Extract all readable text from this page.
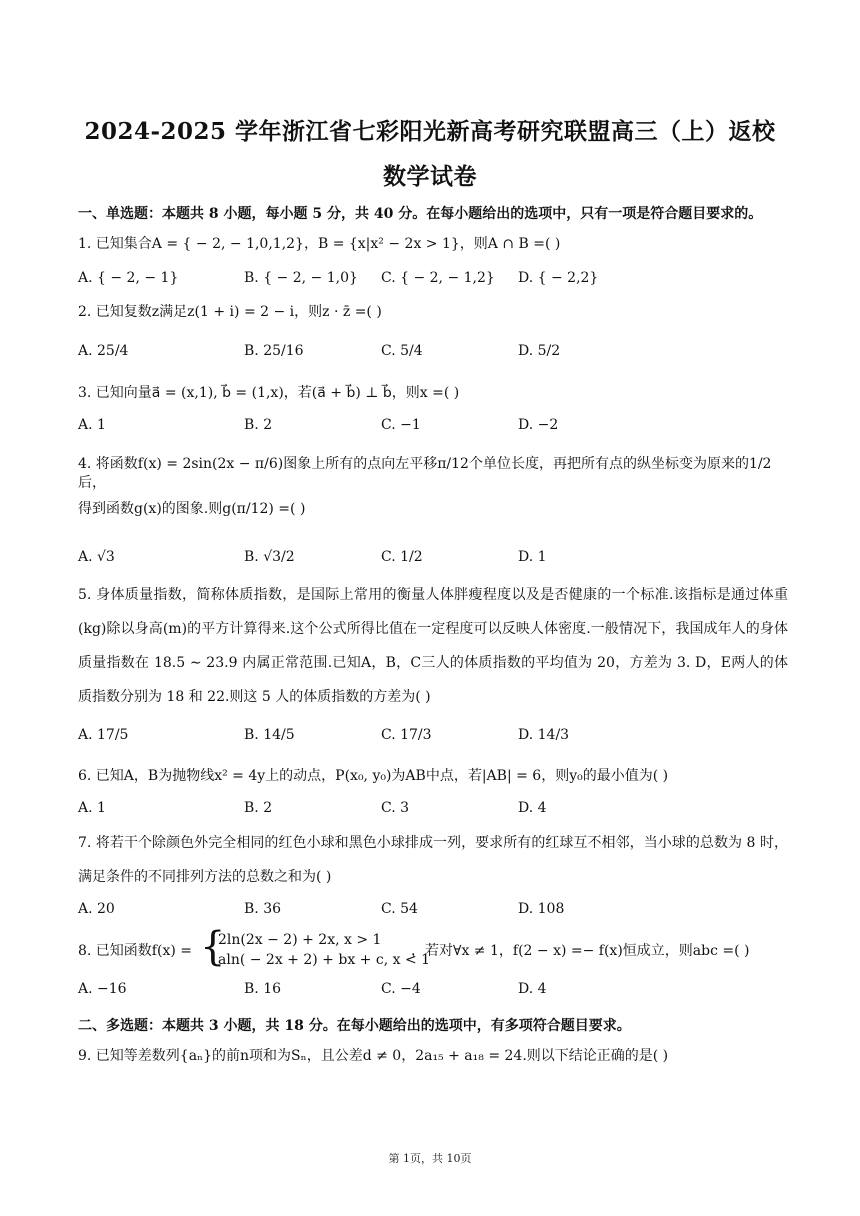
2024-2025 学年浙江省七彩阳光新高考研究联盟高三（上）返校
数学试卷
一、单选题：本题共 8 小题，每小题 5 分，共 40 分。在每小题给出的选项中，只有一项是符合题目要求的。
1. 已知集合A = { − 2, − 1,0,1,2}，B = {x|x² − 2x > 1}，则A ∩ B =( )
A. { − 2, − 1}	B. { − 2, − 1,0} C. { − 2, − 1,2} D. { − 2,2}
2. 已知复数z满足z(1 + i) = 2 − i，则z · z̄ =( )
A. 25/4	B. 25/16	C. 5/4	D. 5/2
3. 已知向量a⃗ = (x,1), b⃗ = (1,x)，若(a⃗ + b⃗) ⊥ b⃗，则x =( )
A. 1	B. 2	C. −1	D. −2
4. 将函数f(x) = 2sin(2x − π/6)图象上所有的点向左平移π/12个单位长度，再把所有点的纵坐标变为原来的1/2后，
得到函数g(x)的图象.则g(π/12) =( )
A. √3	B. √3/2	C. 1/2	D. 1
5. 身体质量指数，简称体质指数，是国际上常用的衡量人体胖瘦程度以及是否健康的一个标准.该指标是通过体重(kg)除以身高(m)的平方计算得来.这个公式所得比值在一定程度可以反映人体密度.一般情况下，我国成年人的身体质量指数在 18.5 ∼ 23.9 内属正常范围.已知A，B，C三人的体质指数的平均值为 20，方差为 3. D，E两人的体质指数分别为 18 和 22.则这 5 人的体质指数的方差为( )
A. 17/5	B. 14/5	C. 17/3	D. 14/3
6. 已知A，B为抛物线x² = 4y上的动点，P(x₀, y₀)为AB中点，若|AB| = 6，则y₀的最小值为( )
A. 1	B. 2	C. 3	D. 4
7. 将若干个除颜色外完全相同的红色小球和黑色小球排成一列，要求所有的红球互不相邻，当小球的总数为 8 时，满足条件的不同排列方法的总数之和为( )
A. 20	B. 36	C. 54	D. 108
8. 已知函数f(x) = {
2ln(2x − 2) + 2x, x > 1
aln( − 2x + 2) + bx + c, x < 1
，若对∀x ≠ 1，f(2 − x) =− f(x)恒成立，则abc =( )
A. −16	B. 16	C. −4	D. 4
二、多选题：本题共 3 小题，共 18 分。在每小题给出的选项中，有多项符合题目要求。
9. 已知等差数列{aₙ}的前n项和为Sₙ，且公差d ≠ 0，2a₁₅ + a₁₈ = 24.则以下结论正确的是( )
第 1页，共 10页
